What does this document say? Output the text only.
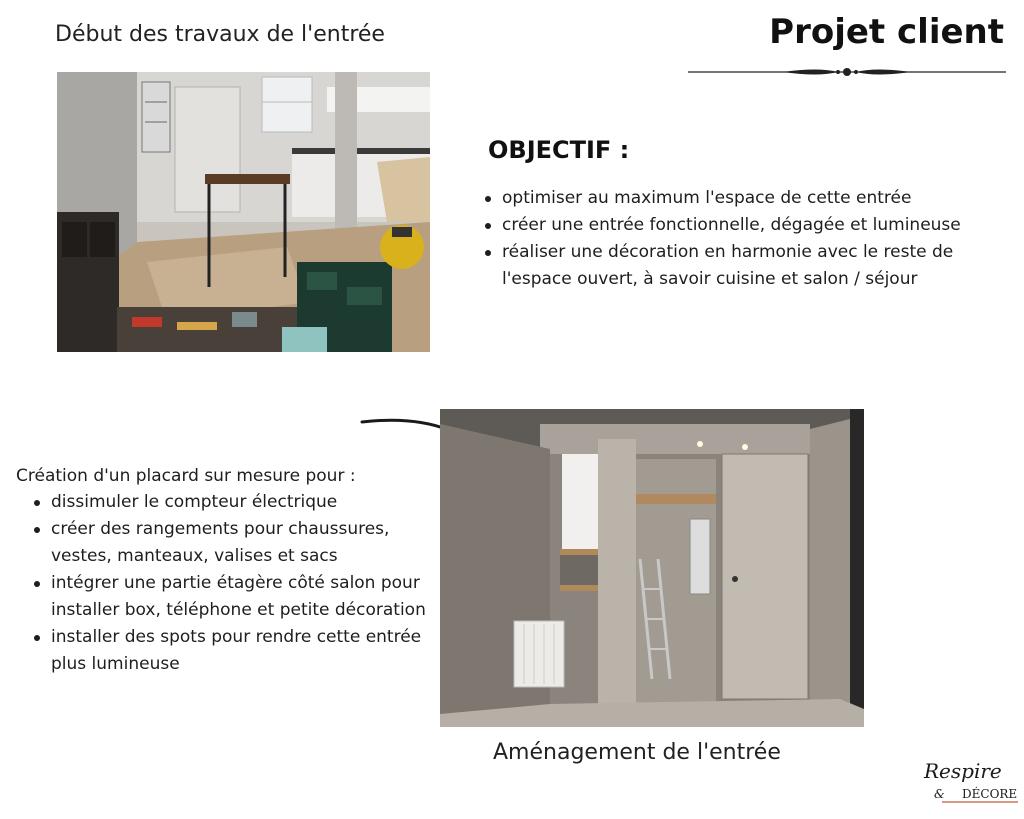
Début des travaux de l'entrée	Projet client
OBJECTIF :
optimiser au maximum l'espace de cette entrée
créer une entrée fonctionnelle, dégagée et lumineuse
réaliser une décoration en harmonie avec le reste de l'espace ouvert, à savoir cuisine et salon / séjour
Création d'un placard sur mesure pour :
dissimuler le compteur électrique
créer des rangements pour chaussures, vestes, manteaux, valises et sacs
intégrer une partie étagère côté salon pour installer box, téléphone et petite décoration
installer des spots pour rendre cette entrée plus lumineuse
Aménagement de l'entrée
Respire
& DÉCORE
